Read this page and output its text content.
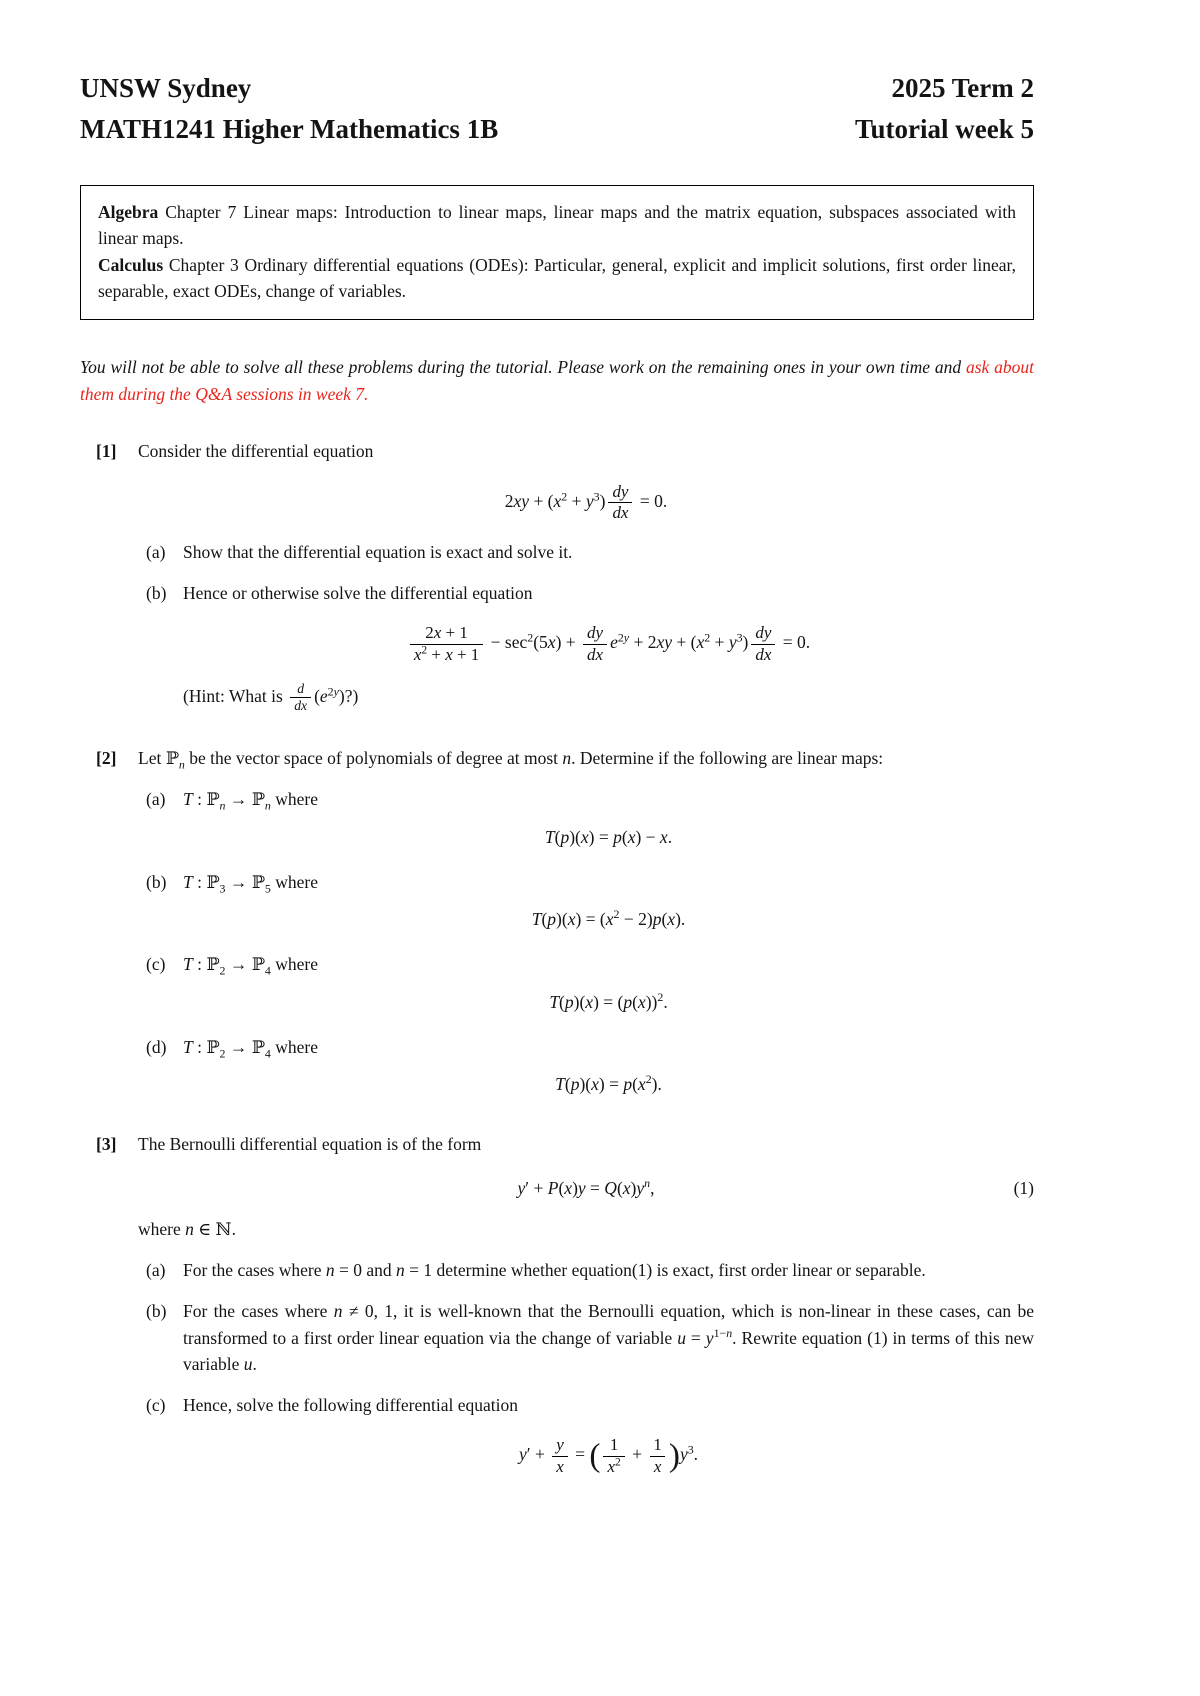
UNSW Sydney
MATH1241 Higher Mathematics 1B
2025 Term 2
Tutorial week 5

Algebra Chapter 7 Linear maps: Introduction to linear maps, linear maps and the matrix equation, subspaces associated with linear maps.

Calculus Chapter 3 Ordinary differential equations (ODEs): Particular, general, explicit and implicit solutions, first order linear, separable, exact ODEs, change of variables.

You will not be able to solve all these problems during the tutorial. Please work on the remaining ones in your own time and ask about them during the Q&A sessions in week 7.

[1]	Consider the differential equation

$2xy + (x^2 + y^3) \frac{dy}{dx} = 0$.
(a)	Show that the differential equation is exact and solve it.

(b) Hence or otherwise solve the differential equation

$\frac{2x + 1}{x^2 + x + 1} - \sec^2(5x) + \frac{dy}{dx} e^{2y} + 2xy + (x^2 + y^3) \frac{dy}{dx} = 0$.

(Hint: What is $\frac{d}{dx}$ $(e^{2y})$?)

[2]	Let ℙ$_n$ be the vector space of polynomials of degree at most n. Determine if the following are linear maps:

(a)	T : ℙ$_n$ → ℙ$_n$ where

T(p)(x) = p(x) − x.
(b) T : ℙ$_3$ → ℙ$_5$ where

$T(p)(x) = (x^2 - 2)p(x)$.
(c)	T : ℙ$_2$ → ℙ$_4$ where

$T(p)(x) = (p(x))^2$.
(d) T : ℙ$_2$ → ℙ$_4$ where

$T(p)(x) = p(x^2)$.
[3]	The Bernoulli differential equation is of the form

$y' + P(x)y = Q(x)y^n$,	(1)

where n ∈ ℕ.

(a)	For the cases where n = 0 and n = 1 determine whether equation(1) is exact, first order linear or separable.

(b) For the cases where n ≠ 0, 1, it is well-known that the Bernoulli equation, which is non-linear in these cases, can be transformed to a first order linear equation via the change of variable $u = y^{1-n}$. Rewrite equation (1) in terms of this new variable u.

(c)	Hence, solve the following differential equation

$y' + \frac{y}{x}$ = ( $\frac{1}{x^2} + \frac{1}{x} )y^3$.
